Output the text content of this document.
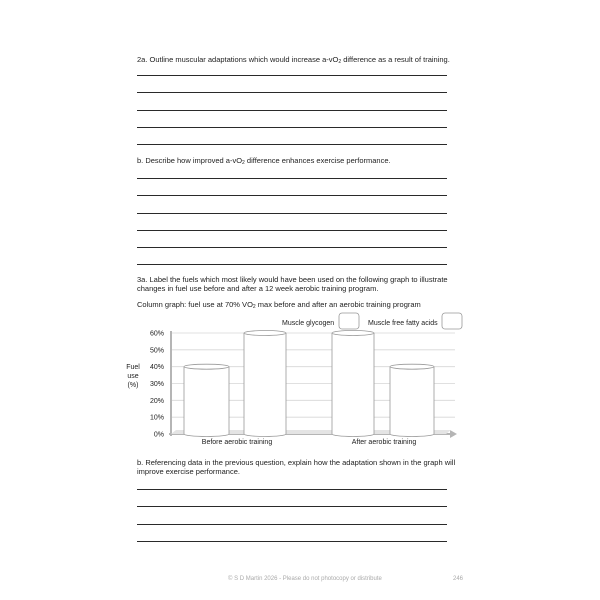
2a. Outline muscular adaptations which would increase $a-vO_2$ difference as a result of training.
b. Describe how improved $a-vO_2$ difference enhances exercise performance.
3a. Label the fuels which most likely would have been used on the following graph to illustrate
changes in fuel use before and after a 12 week aerobic training program.
Column graph: fuel use at 70% $VO_2$ max before and after an aerobic training program
Muscle glycogen	Muscle free fatty acids
Fuel
use
(%)
0%
10%
20%
30%
40%
50%
60%
Before aerobic training	After aerobic training
b. Referencing data in the previous question, explain how the adaptation shown in the graph will
improve exercise performance.
© S D Martin 2026 - Please do not photocopy or distribute	246
